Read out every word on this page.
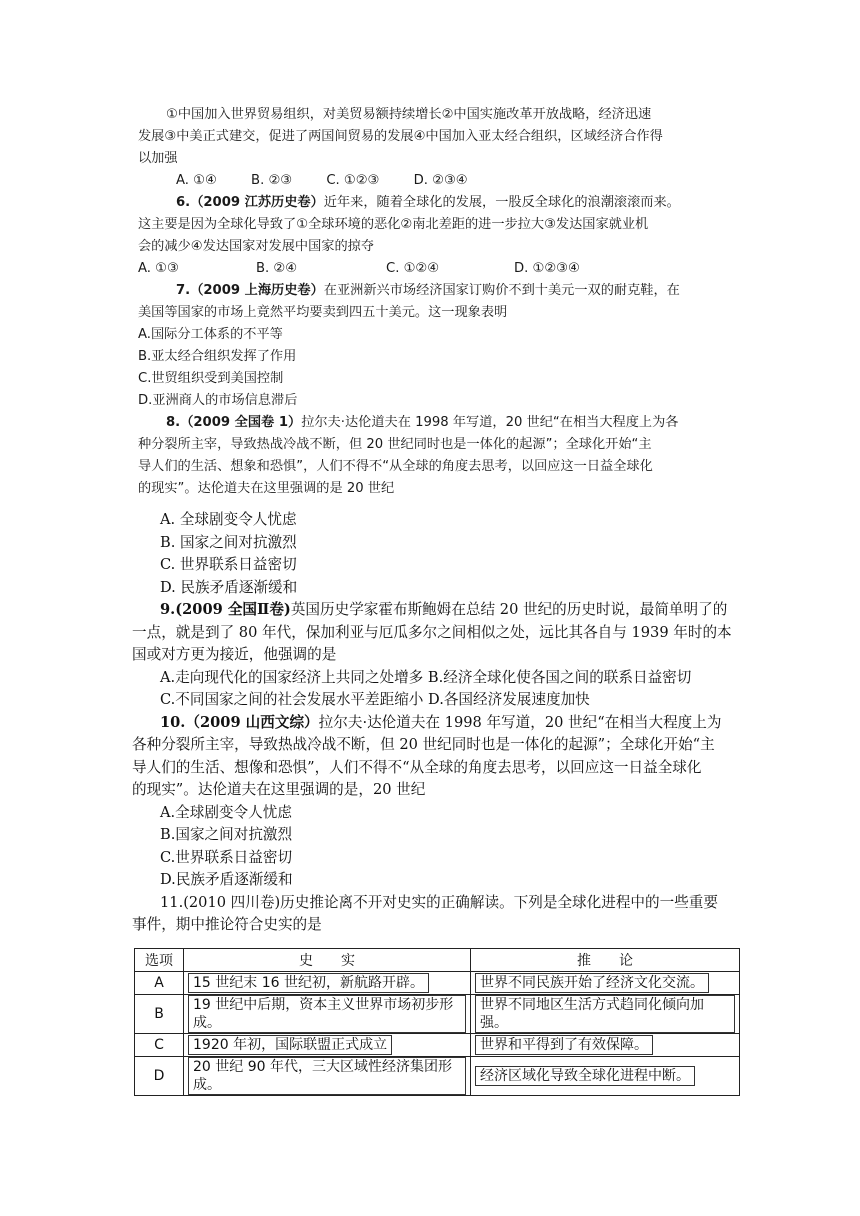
①中国加入世界贸易组织，对美贸易额持续增长②中国实施改革开放战略，经济迅速
发展③中美正式建交，促进了两国间贸易的发展④中国加入亚太经合组织，区域经济合作得
以加强
A. ①④	B. ②③	C. ①②③	D. ②③④
6.（2009 江苏历史卷）近年来，随着全球化的发展，一股反全球化的浪潮滚滚而来。
这主要是因为全球化导致了①全球环境的恶化②南北差距的进一步拉大③发达国家就业机
会的减少④发达国家对发展中国家的掠夺
A. ①③	B. ②④	C. ①②④	D. ①②③④
7.（2009 上海历史卷）在亚洲新兴市场经济国家订购价不到十美元一双的耐克鞋，在
美国等国家的市场上竟然平均要卖到四五十美元。这一现象表明
A.国际分工体系的不平等
B.亚太经合组织发挥了作用
C.世贸组织受到美国控制
D.亚洲商人的市场信息滞后
8.（2009 全国卷 1）拉尔夫·达伦道夫在 1998 年写道，20 世纪“在相当大程度上为各
种分裂所主宰，导致热战冷战不断，但 20 世纪同时也是一体化的起源”；全球化开始“主
导人们的生活、想象和恐惧”，人们不得不“从全球的角度去思考，以回应这一日益全球化
的现实”。达伦道夫在这里强调的是 20 世纪
A. 全球剧变令人忧虑
B. 国家之间对抗激烈
C. 世界联系日益密切
D. 民族矛盾逐渐缓和
9.(2009 全国Ⅱ卷)英国历史学家霍布斯鲍姆在总结 20 世纪的历史时说，最简单明了的
一点，就是到了 80 年代，保加利亚与厄瓜多尔之间相似之处，远比其各自与 1939 年时的本
国或对方更为接近，他强调的是
A.走向现代化的国家经济上共同之处增多 B.经济全球化使各国之间的联系日益密切
C.不同国家之间的社会发展水平差距缩小 D.各国经济发展速度加快
10.（2009 山西文综）拉尔夫·达伦道夫在 1998 年写道，20 世纪“在相当大程度上为
各种分裂所主宰，导致热战冷战不断，但 20 世纪同时也是一体化的起源”；全球化开始“主
导人们的生活、想像和恐惧”，人们不得不“从全球的角度去思考，以回应这一日益全球化
的现实”。达伦道夫在这里强调的是，20 世纪
A.全球剧变令人忧虑
B.国家之间对抗激烈
C.世界联系日益密切
D.民族矛盾逐渐缓和
11.(2010 四川卷)历史推论离不开对史实的正确解读。下列是全球化进程中的一些重要
事件，期中推论符合史实的是
选项	史　　实	推　　论
A	15 世纪末 16 世纪初，新航路开辟。	世界不同民族开始了经济文化交流。
B	19 世纪中后期，资本主义世界市场初步形成。	世界不同地区生活方式趋同化倾向加强。
C	1920 年初，国际联盟正式成立	世界和平得到了有效保障。
D	20 世纪 90 年代，三大区域性经济集团形成。	经济区域化导致全球化进程中断。
